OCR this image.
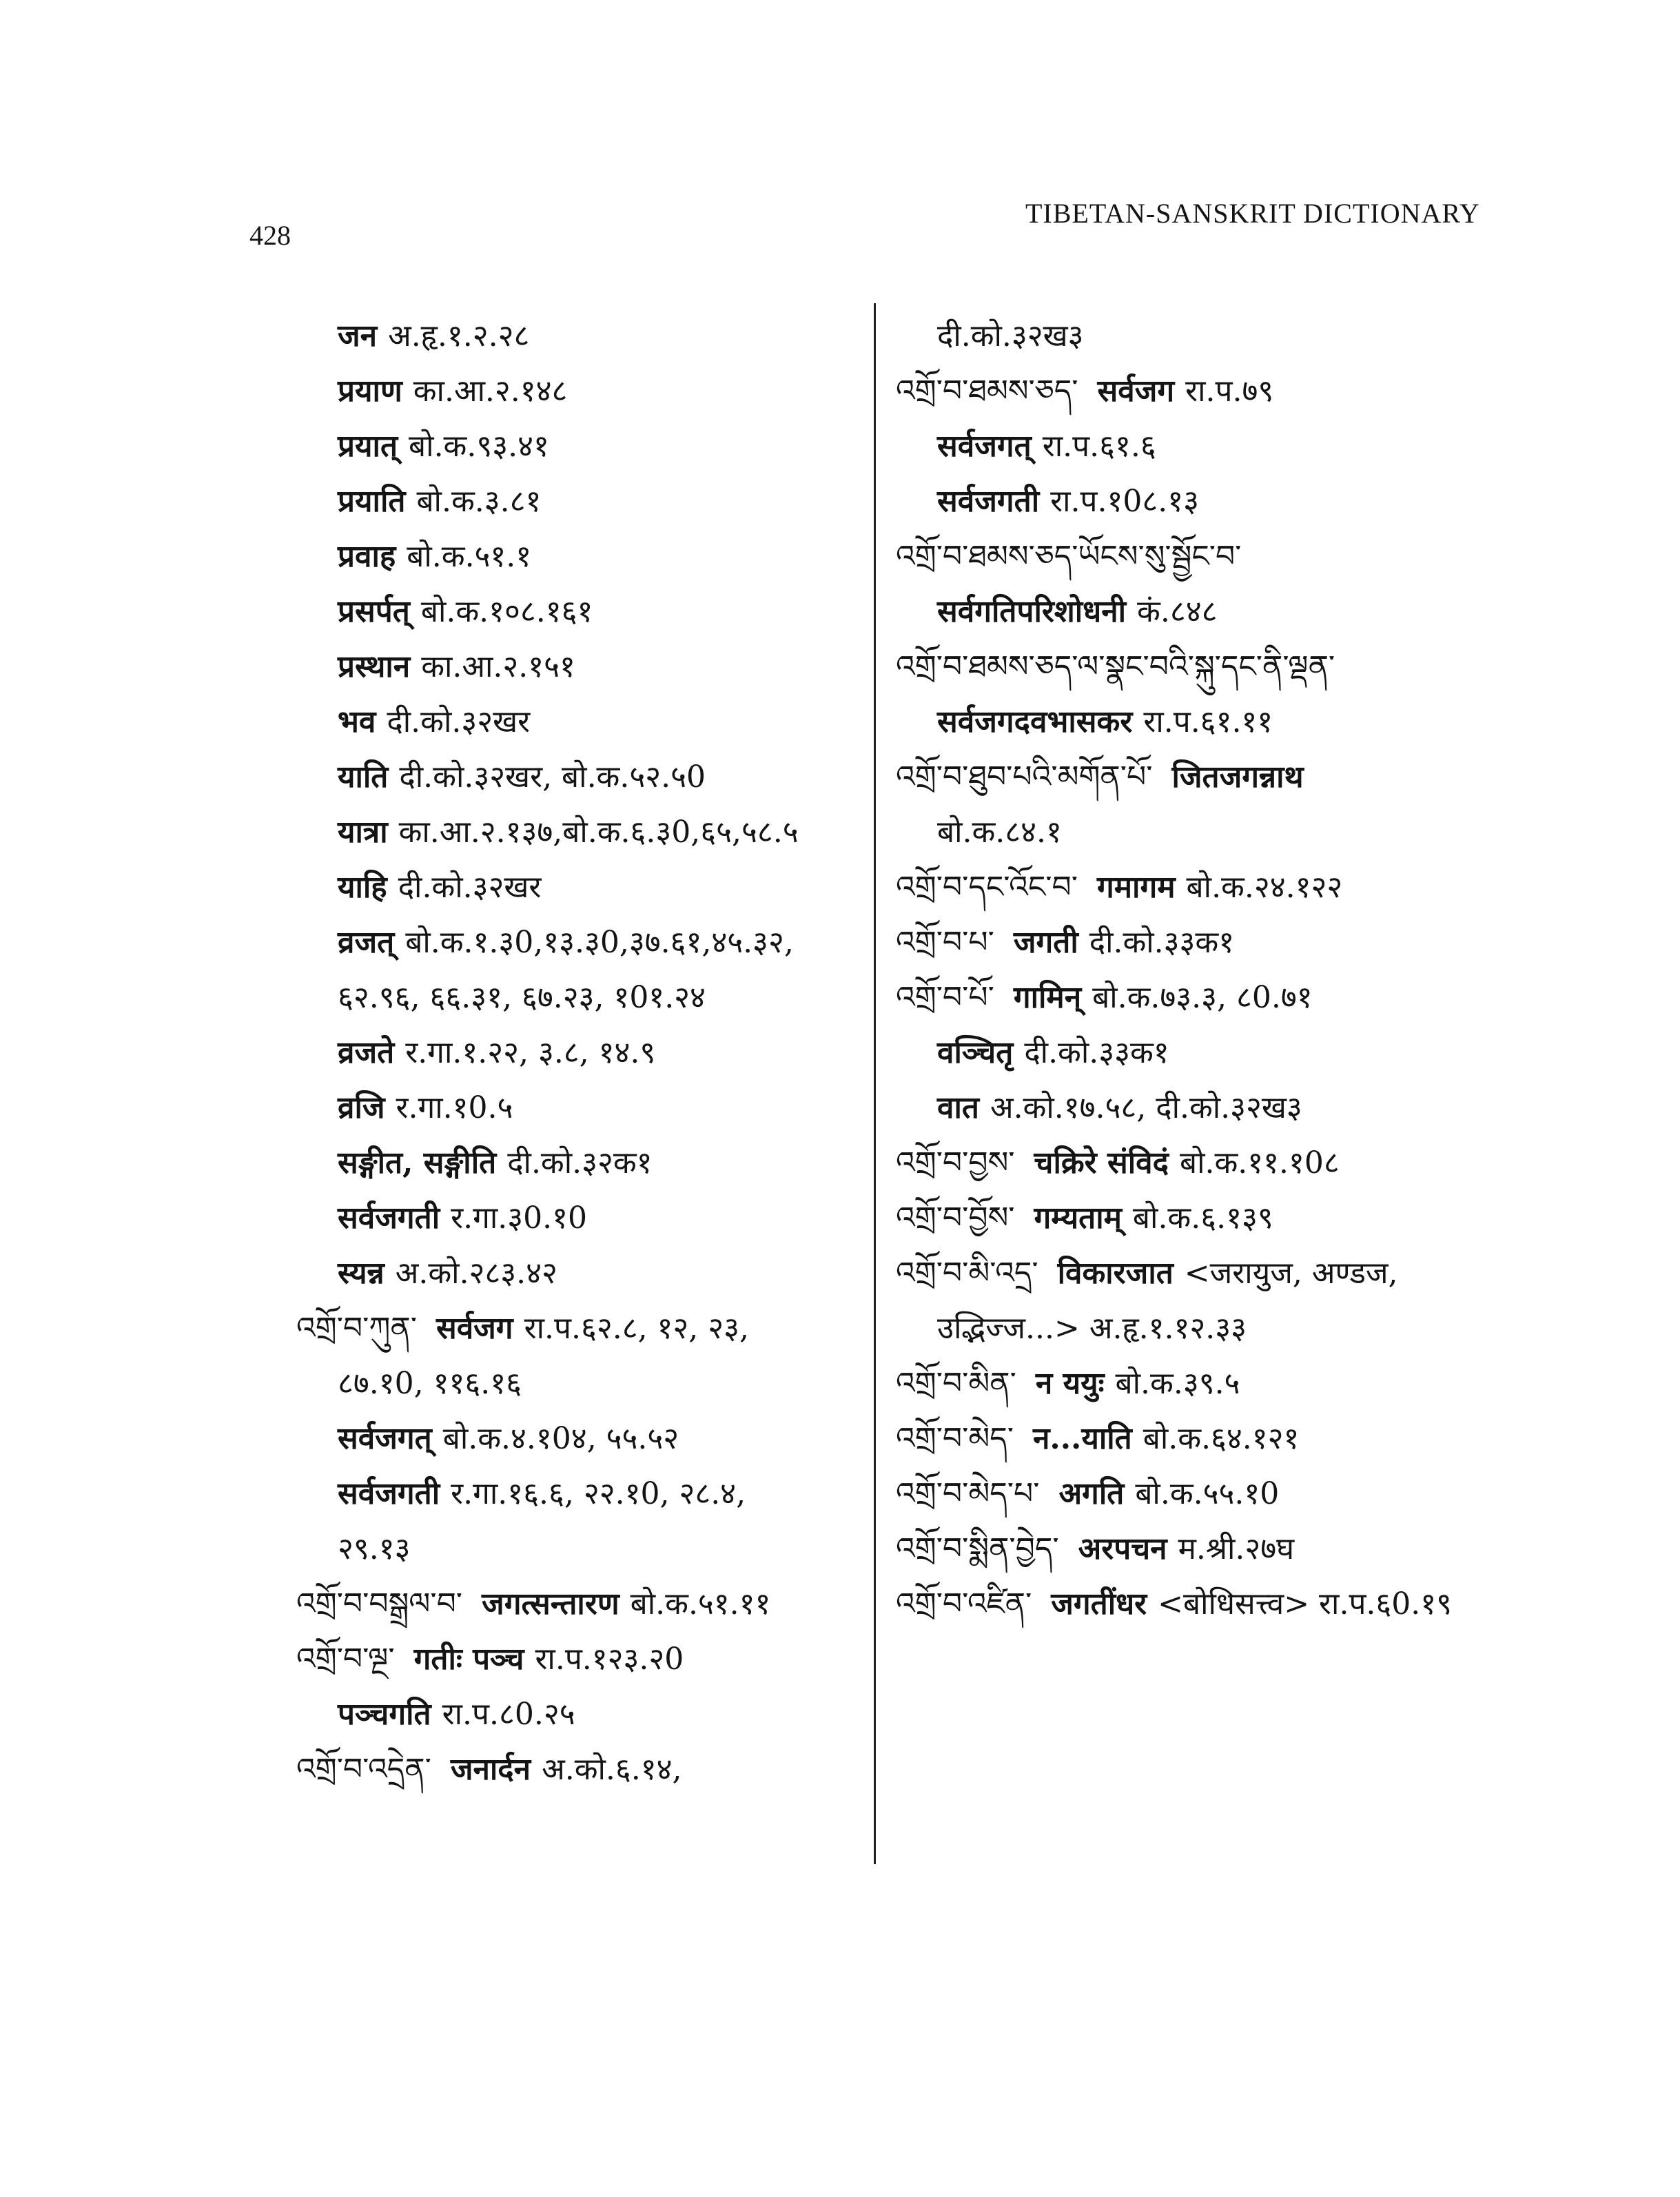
428
TIBETAN-SANSKRIT DICTIONARY
जन अ.हृ.१.२.२८
प्रयाण का.आ.२.१४८
प्रयात् बो.क.९३.४१
प्रयाति बो.क.३.८१
प्रवाह बो.क.५१.१
प्रसर्पत् बो.क.१०८.१६१
प्रस्थान का.आ.२.१५१
भव दी.को.३२खर
याति दी.को.३२खर, बो.क.५२.५0
यात्रा का.आ.२.१३७,बो.क.६.३0,६५,५८.५
याहि दी.को.३२खर
व्रजत् बो.क.१.३0,१३.३0,३७.६१,४५.३२,
६२.९६, ६६.३१, ६७.२३, १0१.२४
व्रजते र.गा.१.२२, ३.८, १४.९
व्रजि र.गा.१0.५
सङ्गीत, सङ्गीति दी.को.३२क१
सर्वजगती र.गा.३0.१0
स्यन्न अ.को.२८३.४२
འགྲོ་བ་ཀུན་ सर्वजग रा.प.६२.८, १२, २३,
८७.१0, ११६.१६
सर्वजगत् बो.क.४.१0४, ५५.५२
सर्वजगती र.गा.१६.६, २२.१0, २८.४,
२९.१३
འགྲོ་བ་བསྒྲལ་བ་ जगत्सन्तारण बो.क.५१.११
འགྲོ་བ་ལྔ་ गतीः पञ्च रा.प.१२३.२0
पञ्चगति रा.प.८0.२५
འགྲོ་བ་འདྲེན་ जनार्दन अ.को.६.१४,
दी.को.३२ख३
འགྲོ་བ་ཐམས་ཅད་ सर्वजग रा.प.७९
सर्वजगत् रा.प.६१.६
सर्वजगती रा.प.१0८.१३
འགྲོ་བ་ཐམས་ཅད་ཡོངས་སུ་སྦྱོང་བ་
सर्वगतिपरिशोधनी कं.८४८
འགྲོ་བ་ཐམས་ཅད་ལ་སྣང་བའི་སྐུ་དང་ནི་ལྡན་
सर्वजगदवभासकर रा.प.६१.११
འགྲོ་བ་ཐུབ་པའི་མགོན་པོ་ जितजगन्नाथ
बो.क.८४.१
འགྲོ་བ་དང་འོང་བ་ गमागम बो.क.२४.१२२
འགྲོ་བ་པ་ जगती दी.को.३३क१
འགྲོ་བ་པོ་ गामिन् बो.क.७३.३, ८0.७१
वञ्चितृ दी.को.३३क१
वात अ.को.१७.५८, दी.को.३२ख३
འགྲོ་བ་བྱས་ चक्रिरे संविदं बो.क.११.१0८
འགྲོ་བ་བྱོས་ गम्यताम् बो.क.६.१३९
འགྲོ་བ་མི་འདྲ་ विकारजात <जरायुज, अण्डज,
उद्भिज्ज...> अ.हृ.१.१२.३३
འགྲོ་བ་མིན་ न ययुः बो.क.३९.५
འགྲོ་བ་མེད་ न...याति बो.क.६४.१२१
འགྲོ་བ་མེད་པ་ अगति बो.क.५५.१0
འགྲོ་བ་སྨིན་བྱེད་ अरपचन म.श्री.२७घ
འགྲོ་བ་འཛིན་ जगतींधर <बोधिसत्त्व> रा.प.६0.१९
